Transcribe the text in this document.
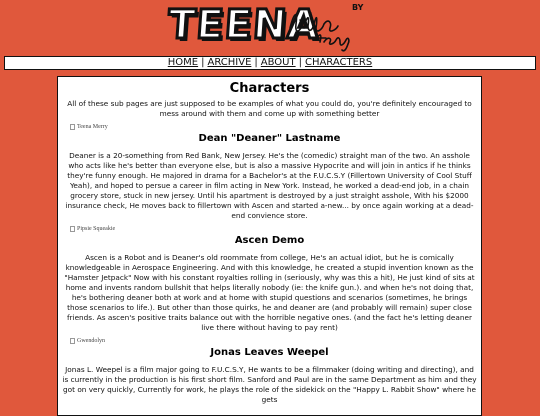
TEENA	BY
HOME | ARCHIVE | ABOUT | CHARACTERS
Characters

All of these sub pages are just supposed to be examples of what you could do, you're definitely encouraged to mess around with them and come up with something better

Teena Merry
Dean "Deaner" Lastname

Deaner is a 20-something from Red Bank, New Jersey. He's the (comedic) straight man of the two. An asshole who acts like he's better than everyone else, but is also a massive Hypocrite and will join in antics if he thinks they're funny enough. He majored in drama for a Bachelor's at the F.U.C.S.Y (Fillertown University of Cool Stuff Yeah), and hoped to persue a career in film acting in New York. Instead, he worked a dead-end job, in a chain grocery store, stuck in new jersey. Until his apartment is destroyed by a just straight asshole, With his $2000 insurance check, He moves back to fillertown with Ascen and started a-new... by once again working at a dead-end convience store.

Pipsie Squeakie
Ascen Demo

Ascen is a Robot and is Deaner's old roommate from college, He's an actual idiot, but he is comically knowledgeable in Aerospace Engineering. And with this knowledge, he created a stupid invention known as the "Hamster Jetpack" Now with his constant royalties rolling in (seriously, why was this a hit), He just kind of sits at home and invents random bullshit that helps literally nobody (ie: the knife gun.). and when he's not doing that, he's bothering deaner both at work and at home with stupid questions and scenarios (sometimes, he brings those scenarios to life.). But other than those quirks, he and deaner are (and probably will remain) super close friends. As ascen's positive traits balance out with the horrible negative ones. (and the fact he's letting deaner live there without having to pay rent)

Gwendolyn
Jonas Leaves Weepel

Jonas L. Weepel is a film major going to F.U.C.S.Y, He wants to be a filmmaker (doing writing and directing), and is currently in the production is his first short film. Sanford and Paul are in the same Department as him and they got on very quickly, Currently for work, he plays the role of the sidekick on the "Happy L. Rabbit Show" where he gets
